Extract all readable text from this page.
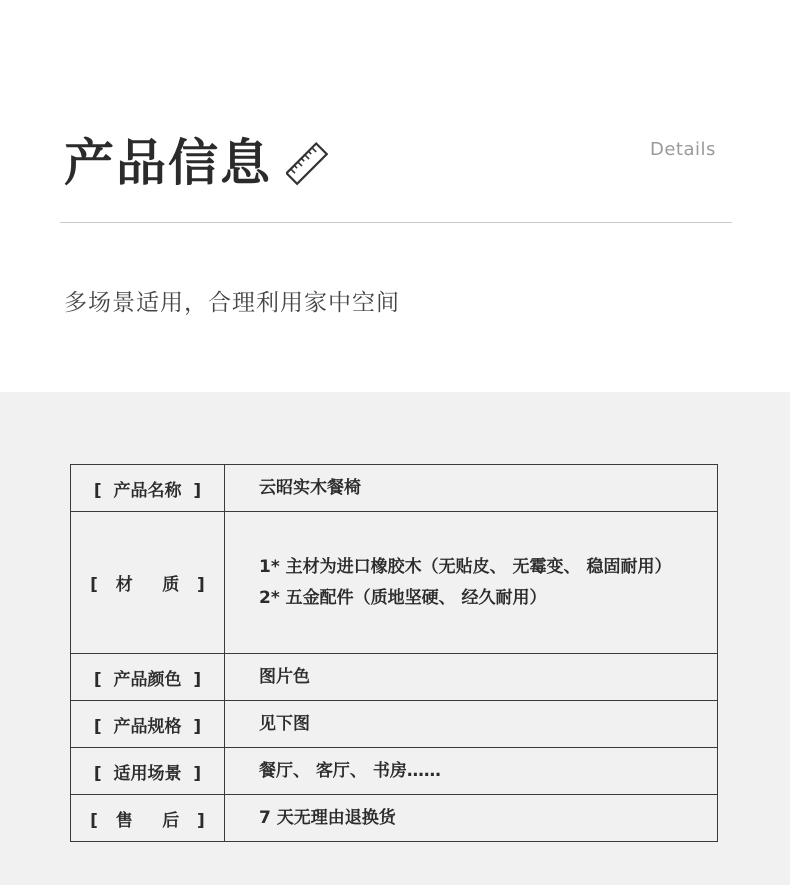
产品信息	Details
多场景适用，合理利用家中空间
[  产品名称  ]	云昭实木餐椅

[   材     质   ]	1* 主材为进口橡胶木（无贴皮、 无霉变、 稳固耐用）
2* 五金配件（质地坚硬、 经久耐用）

[  产品颜色  ]	图片色

[  产品规格  ]	见下图

[  适用场景  ]	餐厅、 客厅、 书房……

[   售     后   ]	7 天无理由退换货
